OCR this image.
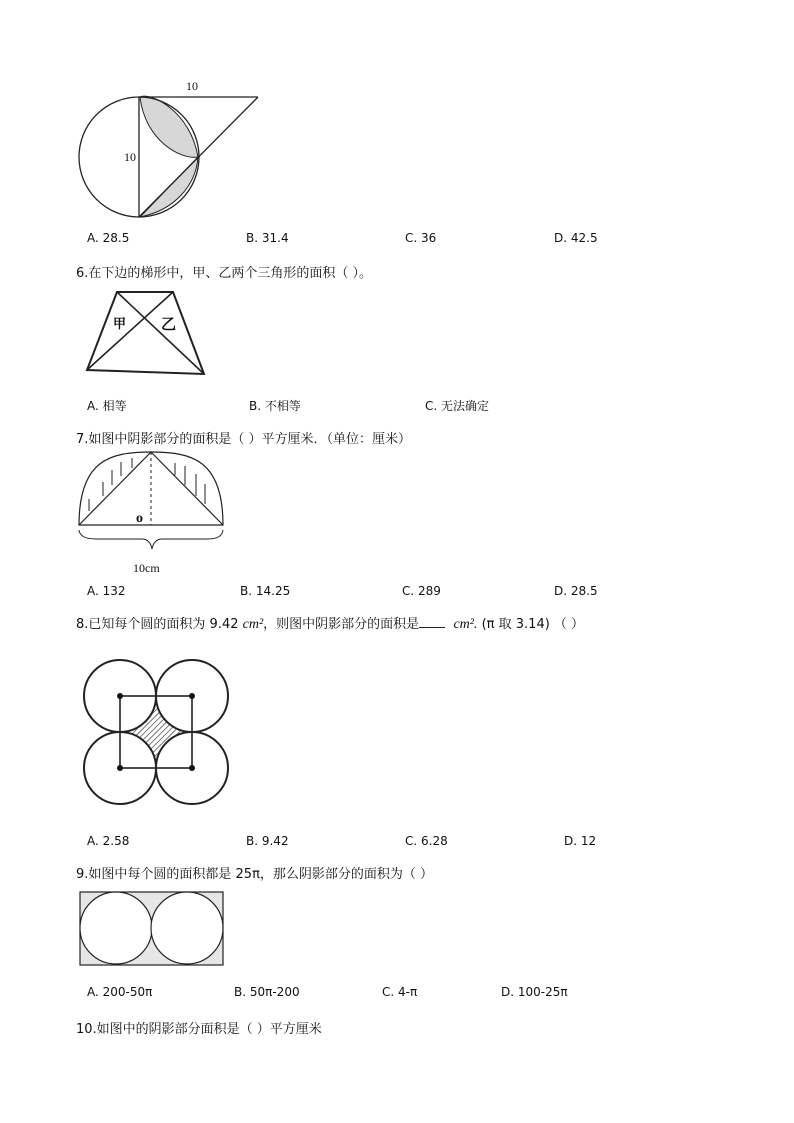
10
10
A. 28.5	B. 31.4	C. 36	D. 42.5
6.在下边的梯形中，甲、乙两个三角形的面积（ ）。
甲 乙
A. 相等	B. 不相等	C. 无法确定
7.如图中阴影部分的面积是（ ）平方厘米．（单位：厘米）
o
10cm
A. 132	B. 14.25	C. 289	D. 28.5
8.已知每个圆的面积为 9.42 cm²，则图中阴影部分的面积是 cm². (π 取 3.14) （ ）
A. 2.58	B. 9.42	C. 6.28	D. 12
9.如图中每个圆的面积都是 25π，那么阴影部分的面积为（ ）
A. 200-50π	B. 50π-200	C. 4-π	D. 100-25π
10.如图中的阴影部分面积是（ ）平方厘米
